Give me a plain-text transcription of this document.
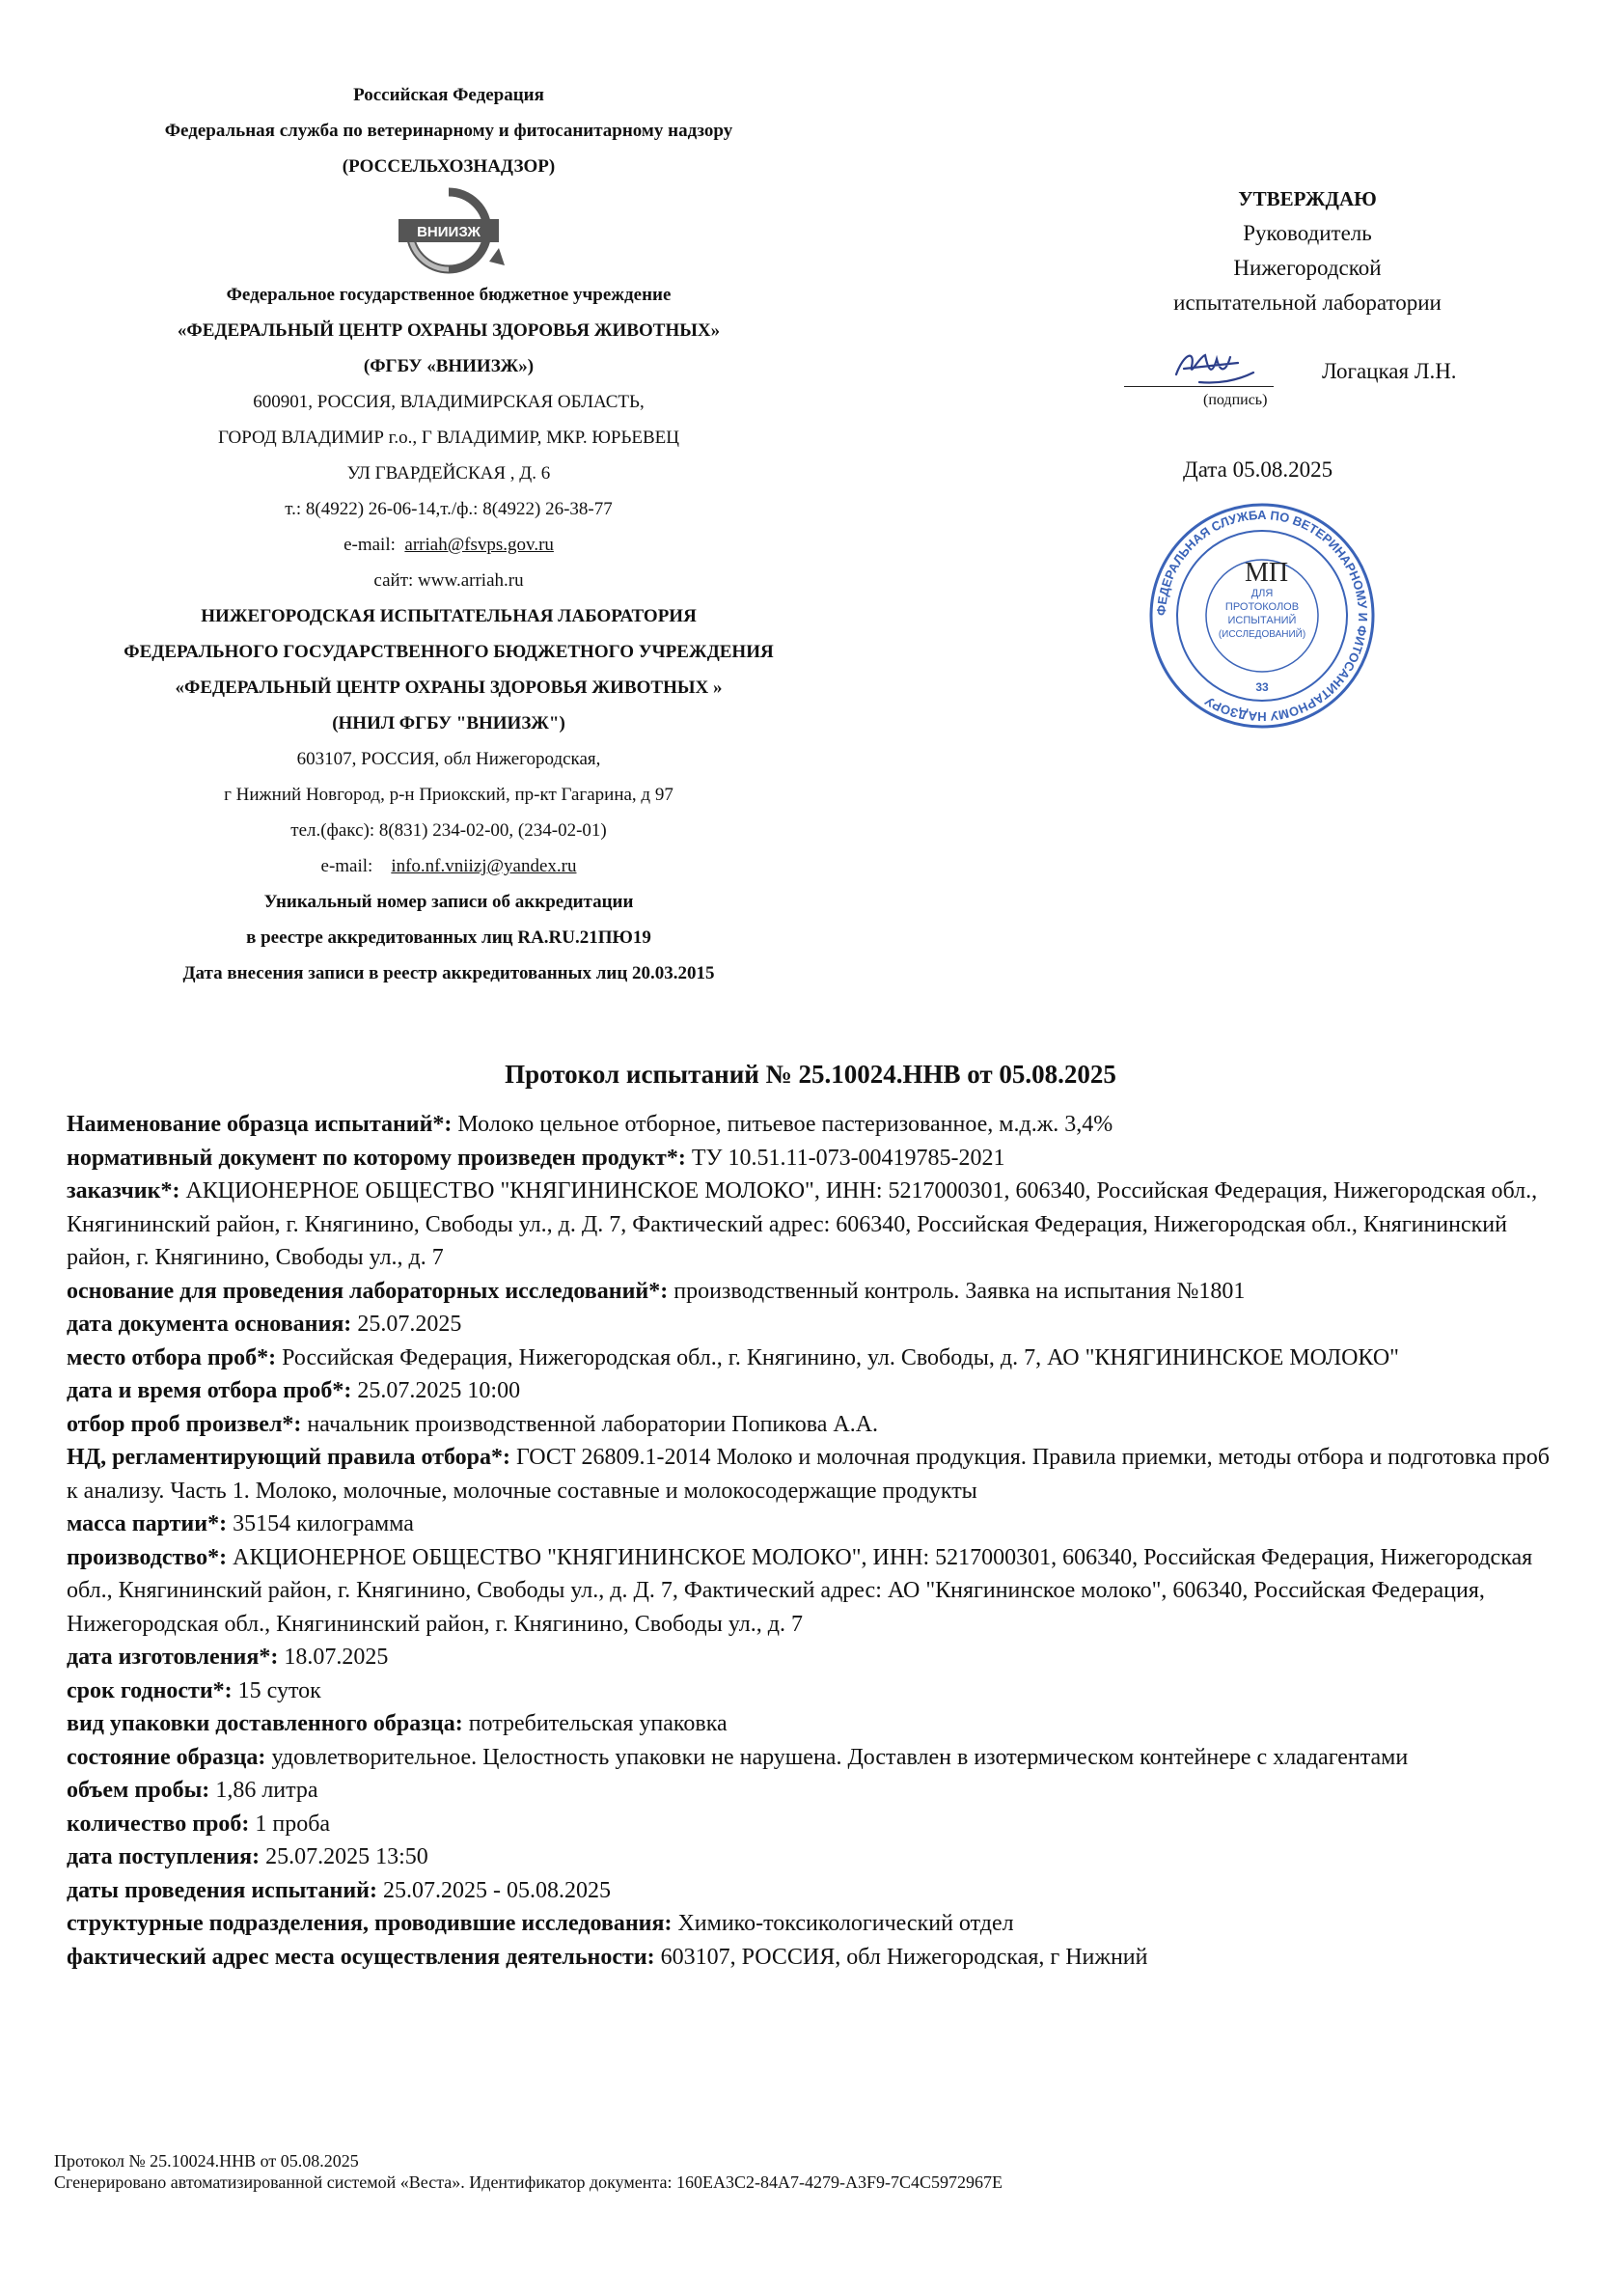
Российская Федерация
Федеральная служба по ветеринарному и фитосанитарному надзору
(РОССЕЛЬХОЗНАДЗОР)
ВНИИЗЖ
Федеральное государственное бюджетное учреждение
«ФЕДЕРАЛЬНЫЙ ЦЕНТР ОХРАНЫ ЗДОРОВЬЯ ЖИВОТНЫХ»
(ФГБУ «ВНИИЗЖ»)
600901, РОССИЯ, ВЛАДИМИРСКАЯ ОБЛАСТЬ,
ГОРОД ВЛАДИМИР г.о., Г ВЛАДИМИР, МКР. ЮРЬЕВЕЦ
УЛ ГВАРДЕЙСКАЯ , Д. 6
т.: 8(4922) 26-06-14,т./ф.: 8(4922) 26-38-77
e-mail: arriah@fsvps.gov.ru
сайт: www.arriah.ru
НИЖЕГОРОДСКАЯ ИСПЫТАТЕЛЬНАЯ ЛАБОРАТОРИЯ
ФЕДЕРАЛЬНОГО ГОСУДАРСТВЕННОГО БЮДЖЕТНОГО УЧРЕЖДЕНИЯ
«ФЕДЕРАЛЬНЫЙ ЦЕНТР ОХРАНЫ ЗДОРОВЬЯ ЖИВОТНЫХ »
(ННИЛ ФГБУ "ВНИИЗЖ")
603107, РОССИЯ, обл Нижегородская,
г Нижний Новгород, р-н Приокский, пр-кт Гагарина, д 97
тел.(факс): 8(831) 234-02-00, (234-02-01)
e-mail: info.nf.vniizj@yandex.ru
Уникальный номер записи об аккредитации
в реестре аккредитованных лиц RA.RU.21ПЮ19
Дата внесения записи в реестр аккредитованных лиц 20.03.2015
УТВЕРЖДАЮ
Руководитель
Нижегородской
испытательной лаборатории
Логацкая Л.Н.
(подпись)
Дата 05.08.2025
ФЕДЕРАЛЬНАЯ СЛУЖБА ПО ВЕТЕРИНАРНОМУ И ФИТОСАНИТАРНОМУ НАДЗОРУ
ДЛЯ
ПРОТОКОЛОВ
ИСПЫТАНИЙ
(ИССЛЕДОВАНИЙ)
33
МП
Протокол испытаний № 25.10024.ННВ от 05.08.2025

Наименование образца испытаний*: Молоко цельное отборное, питьевое пастеризованное, м.д.ж. 3,4%

нормативный документ по которому произведен продукт*: ТУ 10.51.11-073-00419785-2021

заказчик*: АКЦИОНЕРНОЕ ОБЩЕСТВО "КНЯГИНИНСКОЕ МОЛОКО", ИНН: 5217000301, 606340, Российская Федерация, Нижегородская обл., Княгининский район, г. Княгинино, Свободы ул., д. Д. 7, Фактический адрес: 606340, Российская Федерация, Нижегородская обл., Княгининский район, г. Княгинино, Свободы ул., д. 7

основание для проведения лабораторных исследований*: производственный контроль. Заявка на испытания №1801

дата документа основания: 25.07.2025

место отбора проб*: Российская Федерация, Нижегородская обл., г. Княгинино, ул. Свободы, д. 7, АО "КНЯГИНИНСКОЕ МОЛОКО"

дата и время отбора проб*: 25.07.2025 10:00

отбор проб произвел*: начальник производственной лаборатории Попикова А.А.

НД, регламентирующий правила отбора*: ГОСТ 26809.1-2014 Молоко и молочная продукция. Правила приемки, методы отбора и подготовка проб к анализу. Часть 1. Молоко, молочные, молочные составные и молокосодержащие продукты

масса партии*: 35154 килограмма

производство*: АКЦИОНЕРНОЕ ОБЩЕСТВО "КНЯГИНИНСКОЕ МОЛОКО", ИНН: 5217000301, 606340, Российская Федерация, Нижегородская обл., Княгининский район, г. Княгинино, Свободы ул., д. Д. 7, Фактический адрес: АО "Княгининское молоко", 606340, Российская Федерация, Нижегородская обл., Княгининский район, г. Княгинино, Свободы ул., д. 7

дата изготовления*: 18.07.2025

срок годности*: 15 суток

вид упаковки доставленного образца: потребительская упаковка

состояние образца: удовлетворительное. Целостность упаковки не нарушена. Доставлен в изотермическом контейнере с хладагентами

объем пробы: 1,86 литра

количество проб: 1 проба

дата поступления: 25.07.2025 13:50

даты проведения испытаний: 25.07.2025 - 05.08.2025

структурные подразделения, проводившие исследования: Химико-токсикологический отдел

фактический адрес места осуществления деятельности: 603107, РОССИЯ, обл Нижегородская, г Нижний

Протокол № 25.10024.ННВ от 05.08.2025
Сгенерировано автоматизированной системой «Веста». Идентификатор документа: 160EA3C2-84A7-4279-A3F9-7C4C5972967E
